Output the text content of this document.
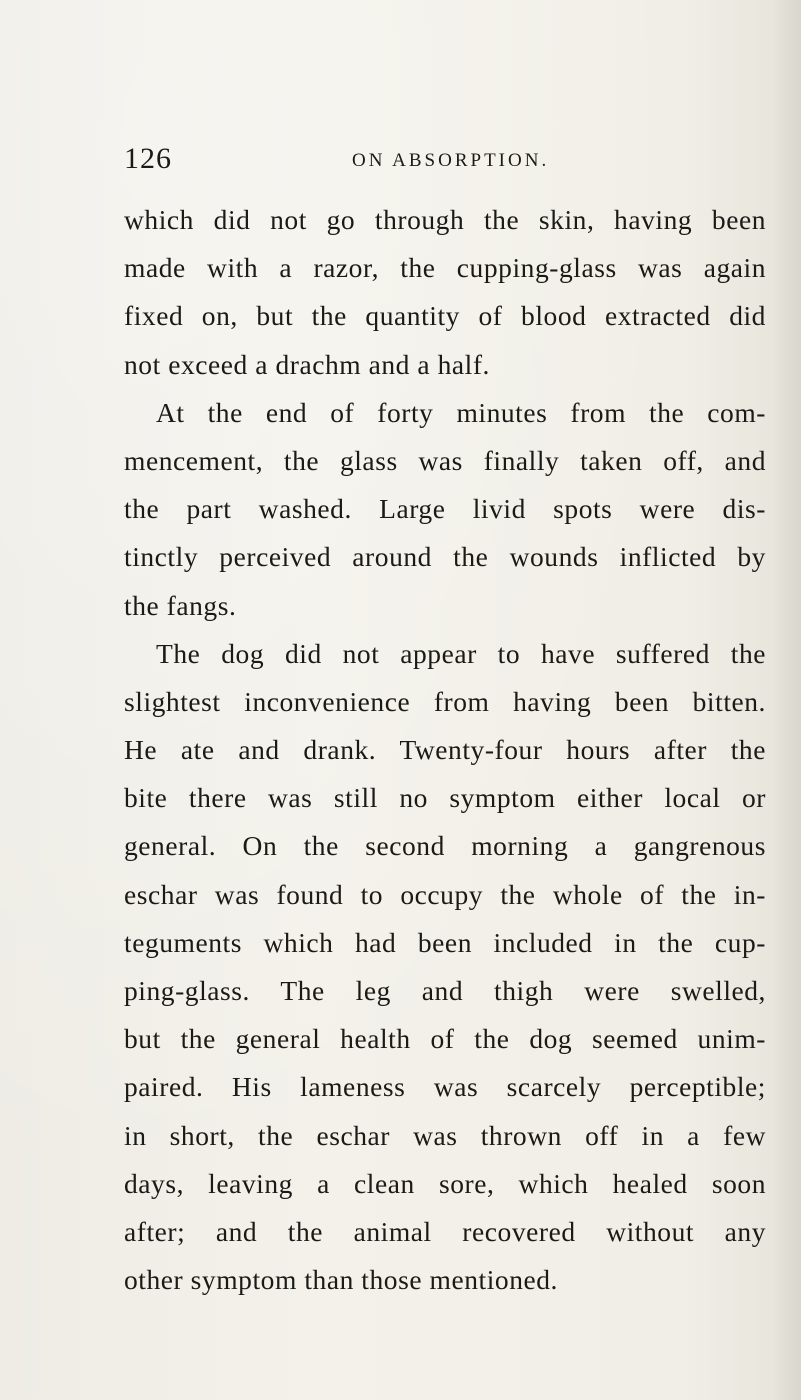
126	ON ABSORPTION.
which did not go through the skin, having been
made with a razor, the cupping-glass was again
fixed on, but the quantity of blood extracted did
not exceed a drachm and a half.
At the end of forty minutes from the com-
mencement, the glass was finally taken off, and
the part washed. Large livid spots were dis-
tinctly perceived around the wounds inflicted by
the fangs.
The dog did not appear to have suffered the
slightest inconvenience from having been bitten.
He ate and drank. Twenty-four hours after the
bite there was still no symptom either local or
general. On the second morning a gangrenous
eschar was found to occupy the whole of the in-
teguments which had been included in the cup-
ping-glass. The leg and thigh were swelled,
but the general health of the dog seemed unim-
paired. His lameness was scarcely perceptible;
in short, the eschar was thrown off in a few
days, leaving a clean sore, which healed soon
after; and the animal recovered without any
other symptom than those mentioned.
